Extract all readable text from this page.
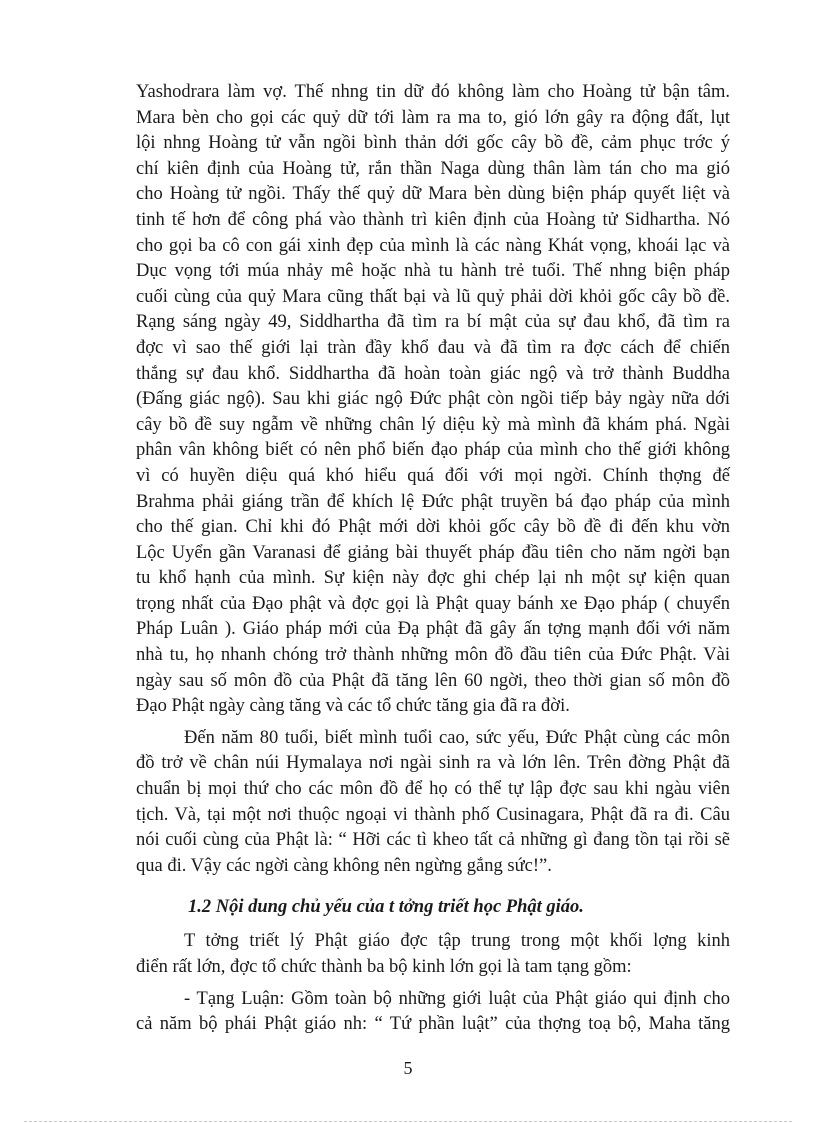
Yashodrara làm vợ. Thế nhng tin dữ đó không làm cho Hoàng tử bận tâm.
Mara bèn cho gọi các quỷ dữ tới làm ra ma to, gió lớn gây ra động đất, lụt
lội nhng Hoàng tử vẫn ngồi bình thản dới gốc cây bồ đề, cảm phục trớc ý
chí kiên định của Hoàng tử, rắn thần Naga dùng thân làm tán cho ma gió
cho Hoàng tử ngồi. Thấy thế quỷ dữ Mara bèn dùng biện pháp quyết liệt và
tinh tế hơn để công phá vào thành trì kiên định của Hoàng tử Sidhartha. Nó
cho gọi ba cô con gái xinh đẹp của mình là các nàng Khát vọng, khoái lạc và
Dục vọng tới múa nhảy mê hoặc nhà tu hành trẻ tuổi. Thế nhng biện pháp
cuối cùng của quỷ Mara cũng thất bại và lũ quỷ phải dời khỏi gốc cây bồ đề.
Rạng sáng ngày 49, Siddhartha đã tìm ra bí mật của sự đau khổ, đã tìm ra
đợc vì sao thế giới lại tràn đầy khổ đau và đã tìm ra đợc cách để chiến
thắng sự đau khổ. Siddhartha đã hoàn toàn giác ngộ và trở thành Buddha
(Đấng giác ngộ). Sau khi giác ngộ Đức phật còn ngồi tiếp bảy ngày nữa dới
cây bồ đề suy ngẫm về những chân lý diệu kỳ mà mình đã khám phá. Ngài
phân vân không biết có nên phổ biến đạo pháp của mình cho thế giới không
vì có huyền diệu quá khó hiểu quá đối với mọi ngời. Chính thợng đế
Brahma phải giáng trần để khích lệ Đức phật truyền bá đạo pháp của mình
cho thế gian. Chỉ khi đó Phật mới dời khỏi gốc cây bồ đề đi đến khu vờn
Lộc Uyển gần Varanasi để giảng bài thuyết pháp đầu tiên cho năm ngời bạn
tu khổ hạnh của mình. Sự kiện này đợc ghi chép lại nh một sự kiện quan
trọng nhất của Đạo phật và đợc gọi là Phật quay bánh xe Đạo pháp ( chuyển
Pháp Luân ). Giáo pháp mới của Đạ phật đã gây ấn tợng mạnh đối với năm
nhà tu, họ nhanh chóng trở thành những môn đồ đầu tiên của Đức Phật. Vài
ngày sau số môn đồ của Phật đã tăng lên 60 ngời, theo thời gian số môn đồ
Đạo Phật ngày càng tăng và các tổ chức tăng gia đã ra đời.
Đến năm 80 tuổi, biết mình tuổi cao, sức yếu, Đức Phật cùng các môn
đồ trở về chân núi Hymalaya nơi ngài sinh ra và lớn lên. Trên đờng Phật đã
chuẩn bị mọi thứ cho các môn đồ để họ có thể tự lập đợc sau khi ngàu viên
tịch. Và, tại một nơi thuộc ngoại vi thành phố Cusinagara, Phật đã ra đi. Câu
nói cuối cùng của Phật là: “ Hỡi các tì kheo tất cả những gì đang tồn tại rồi sẽ
qua đi. Vậy các ngời càng không nên ngừng gắng sức!”.
1.2 Nội dung chủ yếu của t tởng triết học Phật giáo.
T tởng triết lý Phật giáo đợc tập trung trong một khối lợng kinh
điển rất lớn, đợc tổ chức thành ba bộ kinh lớn gọi là tam tạng gồm:
- Tạng Luận: Gồm toàn bộ những giới luật của Phật giáo qui định cho
cả năm bộ phái Phật giáo nh: “ Tứ phần luật” của thợng toạ bộ, Maha tăng
5
